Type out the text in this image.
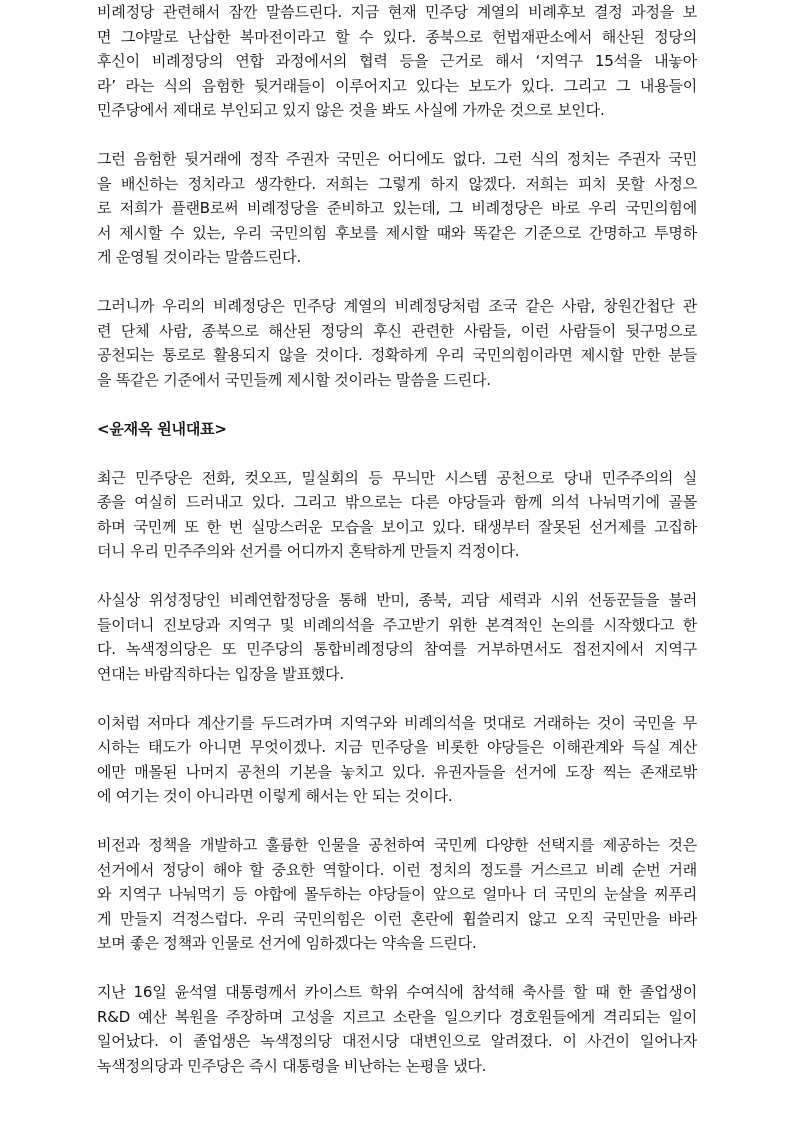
비례정당 관련해서 잠깐 말씀드린다. 지금 현재 민주당 계열의 비례후보 결정 과정을 보
면 그야말로 난삽한 복마전이라고 할 수 있다. 종북으로 헌법재판소에서 해산된 정당의
후신이 비례정당의 연합 과정에서의 협력 등을 근거로 해서 ‘지역구 15석을 내놓아
라’ 라는 식의 음험한 뒷거래들이 이루어지고 있다는 보도가 있다. 그리고 그 내용들이
민주당에서 제대로 부인되고 있지 않은 것을 봐도 사실에 가까운 것으로 보인다.
그런 음험한 뒷거래에 정작 주권자 국민은 어디에도 없다. 그런 식의 정치는 주권자 국민
을 배신하는 정치라고 생각한다. 저희는 그렇게 하지 않겠다. 저희는 피치 못할 사정으
로 저희가 플랜B로써 비례정당을 준비하고 있는데, 그 비례정당은 바로 우리 국민의힘에
서 제시할 수 있는, 우리 국민의힘 후보를 제시할 때와 똑같은 기준으로 간명하고 투명하
게 운영될 것이라는 말씀드린다.
그러니까 우리의 비례정당은 민주당 계열의 비례정당처럼 조국 같은 사람, 창원간첩단 관
련 단체 사람, 종북으로 해산된 정당의 후신 관련한 사람들, 이런 사람들이 뒷구멍으로
공천되는 통로로 활용되지 않을 것이다. 정확하게 우리 국민의힘이라면 제시할 만한 분들
을 똑같은 기준에서 국민들께 제시할 것이라는 말씀을 드린다.
<윤재옥 원내대표>
최근 민주당은 전화, 컷오프, 밀실회의 등 무늬만 시스템 공천으로 당내 민주주의의 실
종을 여실히 드러내고 있다. 그리고 밖으로는 다른 야당들과 함께 의석 나눠먹기에 골몰
하며 국민께 또 한 번 실망스러운 모습을 보이고 있다. 태생부터 잘못된 선거제를 고집하
더니 우리 민주주의와 선거를 어디까지 혼탁하게 만들지 걱정이다.
사실상 위성정당인 비례연합정당을 통해 반미, 종북, 괴담 세력과 시위 선동꾼들을 불러
들이더니 진보당과 지역구 및 비례의석을 주고받기 위한 본격적인 논의를 시작했다고 한
다. 녹색정의당은 또 민주당의 통합비례정당의 참여를 거부하면서도 접전지에서 지역구
연대는 바람직하다는 입장을 발표했다.
이처럼 저마다 계산기를 두드려가며 지역구와 비례의석을 멋대로 거래하는 것이 국민을 무
시하는 태도가 아니면 무엇이겠나. 지금 민주당을 비롯한 야당들은 이해관계와 득실 계산
에만 매몰된 나머지 공천의 기본을 놓치고 있다. 유권자들을 선거에 도장 찍는 존재로밖
에 여기는 것이 아니라면 이렇게 해서는 안 되는 것이다.
비전과 정책을 개발하고 훌륭한 인물을 공천하여 국민께 다양한 선택지를 제공하는 것은
선거에서 정당이 해야 할 중요한 역할이다. 이런 정치의 정도를 거스르고 비례 순번 거래
와 지역구 나눠먹기 등 야합에 몰두하는 야당들이 앞으로 얼마나 더 국민의 눈살을 찌푸리
게 만들지 걱정스럽다. 우리 국민의힘은 이런 혼란에 휩쓸리지 않고 오직 국민만을 바라
보며 좋은 정책과 인물로 선거에 임하겠다는 약속을 드린다.
지난 16일 윤석열 대통령께서 카이스트 학위 수여식에 참석해 축사를 할 때 한 졸업생이
R&D 예산 복원을 주장하며 고성을 지르고 소란을 일으키다 경호원들에게 격리되는 일이
일어났다. 이 졸업생은 녹색정의당 대전시당 대변인으로 알려졌다. 이 사건이 일어나자
녹색정의당과 민주당은 즉시 대통령을 비난하는 논평을 냈다.
